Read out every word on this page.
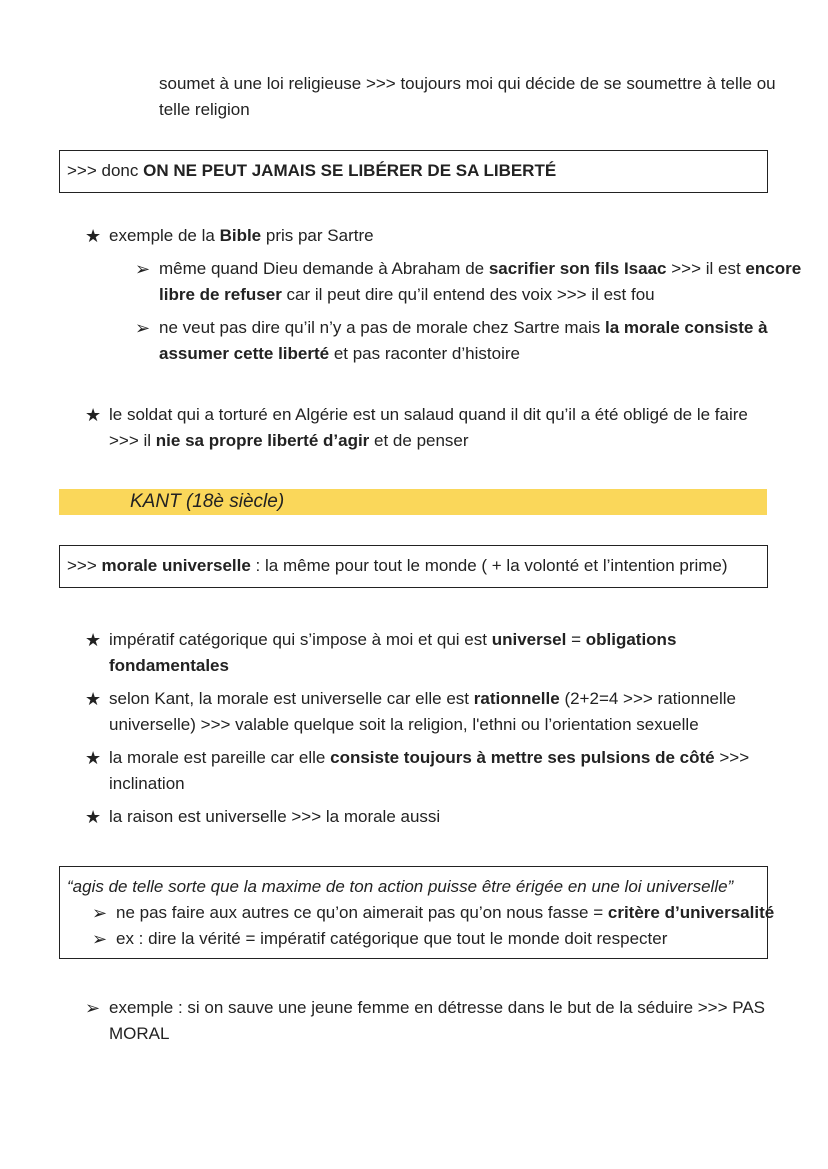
soumet à une loi religieuse >>> toujours moi qui décide de se soumettre à telle ou
telle religion
>>> donc ON NE PEUT JAMAIS SE LIBÉRER DE SA LIBERTÉ
★ exemple de la Bible pris par Sartre
➢ même quand Dieu demande à Abraham de sacrifier son fils Isaac >>> il est encore
libre de refuser car il peut dire qu’il entend des voix >>> il est fou
➢ ne veut pas dire qu’il n’y a pas de morale chez Sartre mais la morale consiste à
assumer cette liberté et pas raconter d’histoire
★ le soldat qui a torturé en Algérie est un salaud quand il dit qu’il a été obligé de le faire
>>> il nie sa propre liberté d’agir et de penser
KANT (18è siècle)
>>> morale universelle : la même pour tout le monde ( + la volonté et l’intention prime)
★ impératif catégorique qui s’impose à moi et qui est universel = obligations
fondamentales
★ selon Kant, la morale est universelle car elle est rationnelle (2+2=4 >>> rationnelle
universelle) >>> valable quelque soit la religion, l'ethni ou l’orientation sexuelle
★ la morale est pareille car elle consiste toujours à mettre ses pulsions de côté >>>
inclination
★ la raison est universelle >>> la morale aussi
“agis de telle sorte que la maxime de ton action puisse être érigée en une loi universelle”
➢ ne pas faire aux autres ce qu’on aimerait pas qu’on nous fasse = critère d’universalité
➢ ex : dire la vérité = impératif catégorique que tout le monde doit respecter
➢ exemple : si on sauve une jeune femme en détresse dans le but de la séduire >>> PAS
MORAL
